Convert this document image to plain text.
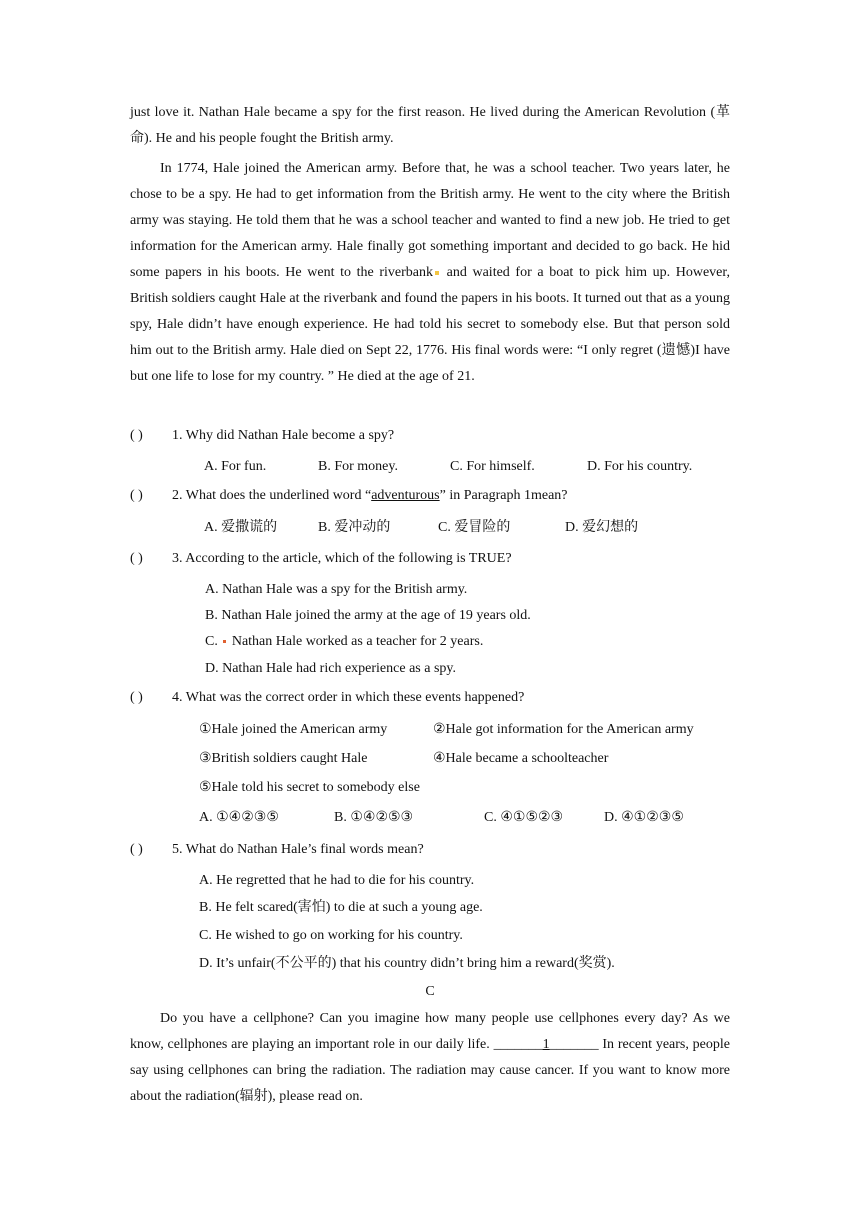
just love it. Nathan Hale became a spy for the first reason. He lived during the American Revolution (革命). He and his people fought the British army.

In 1774, Hale joined the American army. Before that, he was a school teacher. Two years later, he chose to be a spy. He had to get information from the British army. He went to the city where the British army was staying. He told them that he was a school teacher and wanted to find a new job. He tried to get information for the American army. Hale finally got something important and decided to go back. He hid some papers in his boots. He went to the riverbank and waited for a boat to pick him up. However, British soldiers caught Hale at the riverbank and found the papers in his boots. It turned out that as a young spy, Hale didn’t have enough experience. He had told his secret to somebody else. But that person sold him out to the British army. Hale died on Sept 22, 1776. His final words were: “I only regret (遗憾)I have but one life to lose for my country. ” He died at the age of 21.

( ) 1. Why did Nathan Hale become a spy?
A. For fun.	B. For money.	C. For himself.	D. For his country.
( ) 2. What does the underlined word “adventurous” in Paragraph 1mean?
A. 爱撒谎的	B. 爱冲动的	C. 爱冒险的	D. 爱幻想的
( ) 3. According to the article, which of the following is TRUE?
A. Nathan Hale was a spy for the British army.
B. Nathan Hale joined the army at the age of 19 years old.
C.  Nathan Hale worked as a teacher for 2 years.
D. Nathan Hale had rich experience as a spy.
( ) 4. What was the correct order in which these events happened?
①Hale joined the American army	②Hale got information for the American army
③British soldiers caught Hale	④Hale became a schoolteacher
⑤Hale told his secret to somebody else
A. ①④②③⑤	B. ①④②⑤③	C. ④①⑤②③	D. ④①②③⑤
( ) 5. What do Nathan Hale’s final words mean?
A. He regretted that he had to die for his country.
B. He felt scared(害怕) to die at such a young age.
C. He wished to go on working for his country.
D. It’s unfair(不公平的) that his country didn’t bring him a reward(奖赏).
C

Do you have a cellphone? Can you imagine how many people use cellphones every day? As we know, cellphones are playing an important role in our daily life. _______1_______ In recent years, people say using cellphones can bring the radiation. The radiation may cause cancer. If you want to know more about the radiation(辐射), please read on.
